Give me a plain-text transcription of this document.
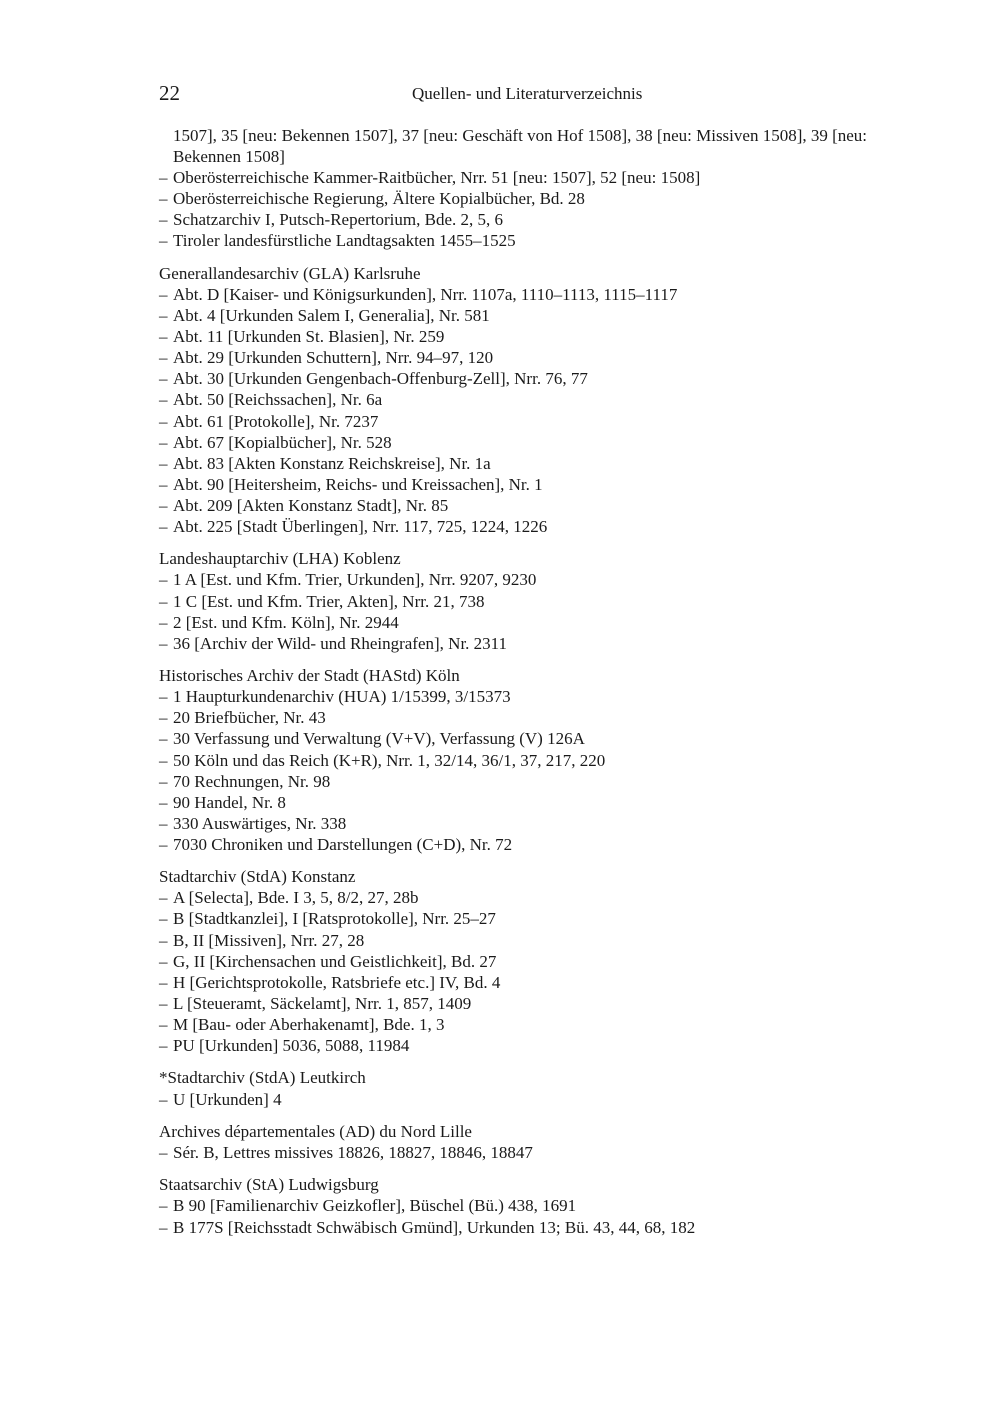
22	Quellen- und Literaturverzeichnis

1507], 35 [neu: Bekennen 1507], 37 [neu: Geschäft von Hof 1508], 38 [neu: Missiven 1508], 39 [neu: Bekennen 1508]

– Oberösterreichische Kammer-Raitbücher, Nrr. 51 [neu: 1507], 52 [neu: 1508]

– Oberösterreichische Regierung, Ältere Kopialbücher, Bd. 28

– Schatzarchiv I, Putsch-Repertorium, Bde. 2, 5, 6

– Tiroler landesfürstliche Landtagsakten 1455–1525

Generallandesarchiv (GLA) Karlsruhe

– Abt. D [Kaiser- und Königsurkunden], Nrr. 1107a, 1110–1113, 1115–1117

– Abt. 4 [Urkunden Salem I, Generalia], Nr. 581

– Abt. 11 [Urkunden St. Blasien], Nr. 259

– Abt. 29 [Urkunden Schuttern], Nrr. 94–97, 120

– Abt. 30 [Urkunden Gengenbach-Offenburg-Zell], Nrr. 76, 77

– Abt. 50 [Reichssachen], Nr. 6a

– Abt. 61 [Protokolle], Nr. 7237

– Abt. 67 [Kopialbücher], Nr. 528

– Abt. 83 [Akten Konstanz Reichskreise], Nr. 1a

– Abt. 90 [Heitersheim, Reichs- und Kreissachen], Nr. 1

– Abt. 209 [Akten Konstanz Stadt], Nr. 85

– Abt. 225 [Stadt Überlingen], Nrr. 117, 725, 1224, 1226

Landeshauptarchiv (LHA) Koblenz

– 1 A [Est. und Kfm. Trier, Urkunden], Nrr. 9207, 9230

– 1 C [Est. und Kfm. Trier, Akten], Nrr. 21, 738

– 2 [Est. und Kfm. Köln], Nr. 2944

– 36 [Archiv der Wild- und Rheingrafen], Nr. 2311

Historisches Archiv der Stadt (HAStd) Köln

– 1 Haupturkundenarchiv (HUA) 1/15399, 3/15373

– 20 Briefbücher, Nr. 43

– 30 Verfassung und Verwaltung (V+V), Verfassung (V) 126A

– 50 Köln und das Reich (K+R), Nrr. 1, 32/14, 36/1, 37, 217, 220

– 70 Rechnungen, Nr. 98

– 90 Handel, Nr. 8

– 330 Auswärtiges, Nr. 338

– 7030 Chroniken und Darstellungen (C+D), Nr. 72

Stadtarchiv (StdA) Konstanz

– A [Selecta], Bde. I 3, 5, 8/2, 27, 28b

– B [Stadtkanzlei], I [Ratsprotokolle], Nrr. 25–27

– B, II [Missiven], Nrr. 27, 28

– G, II [Kirchensachen und Geistlichkeit], Bd. 27

– H [Gerichtsprotokolle, Ratsbriefe etc.] IV, Bd. 4

– L [Steueramt, Säckelamt], Nrr. 1, 857, 1409

– M [Bau- oder Aberhakenamt], Bde. 1, 3

– PU [Urkunden] 5036, 5088, 11984

*Stadtarchiv (StdA) Leutkirch

– U [Urkunden] 4

Archives départementales (AD) du Nord Lille

– Sér. B, Lettres missives 18826, 18827, 18846, 18847

Staatsarchiv (StA) Ludwigsburg

– B 90 [Familienarchiv Geizkofler], Büschel (Bü.) 438, 1691

– B 177S [Reichsstadt Schwäbisch Gmünd], Urkunden 13; Bü. 43, 44, 68, 182
